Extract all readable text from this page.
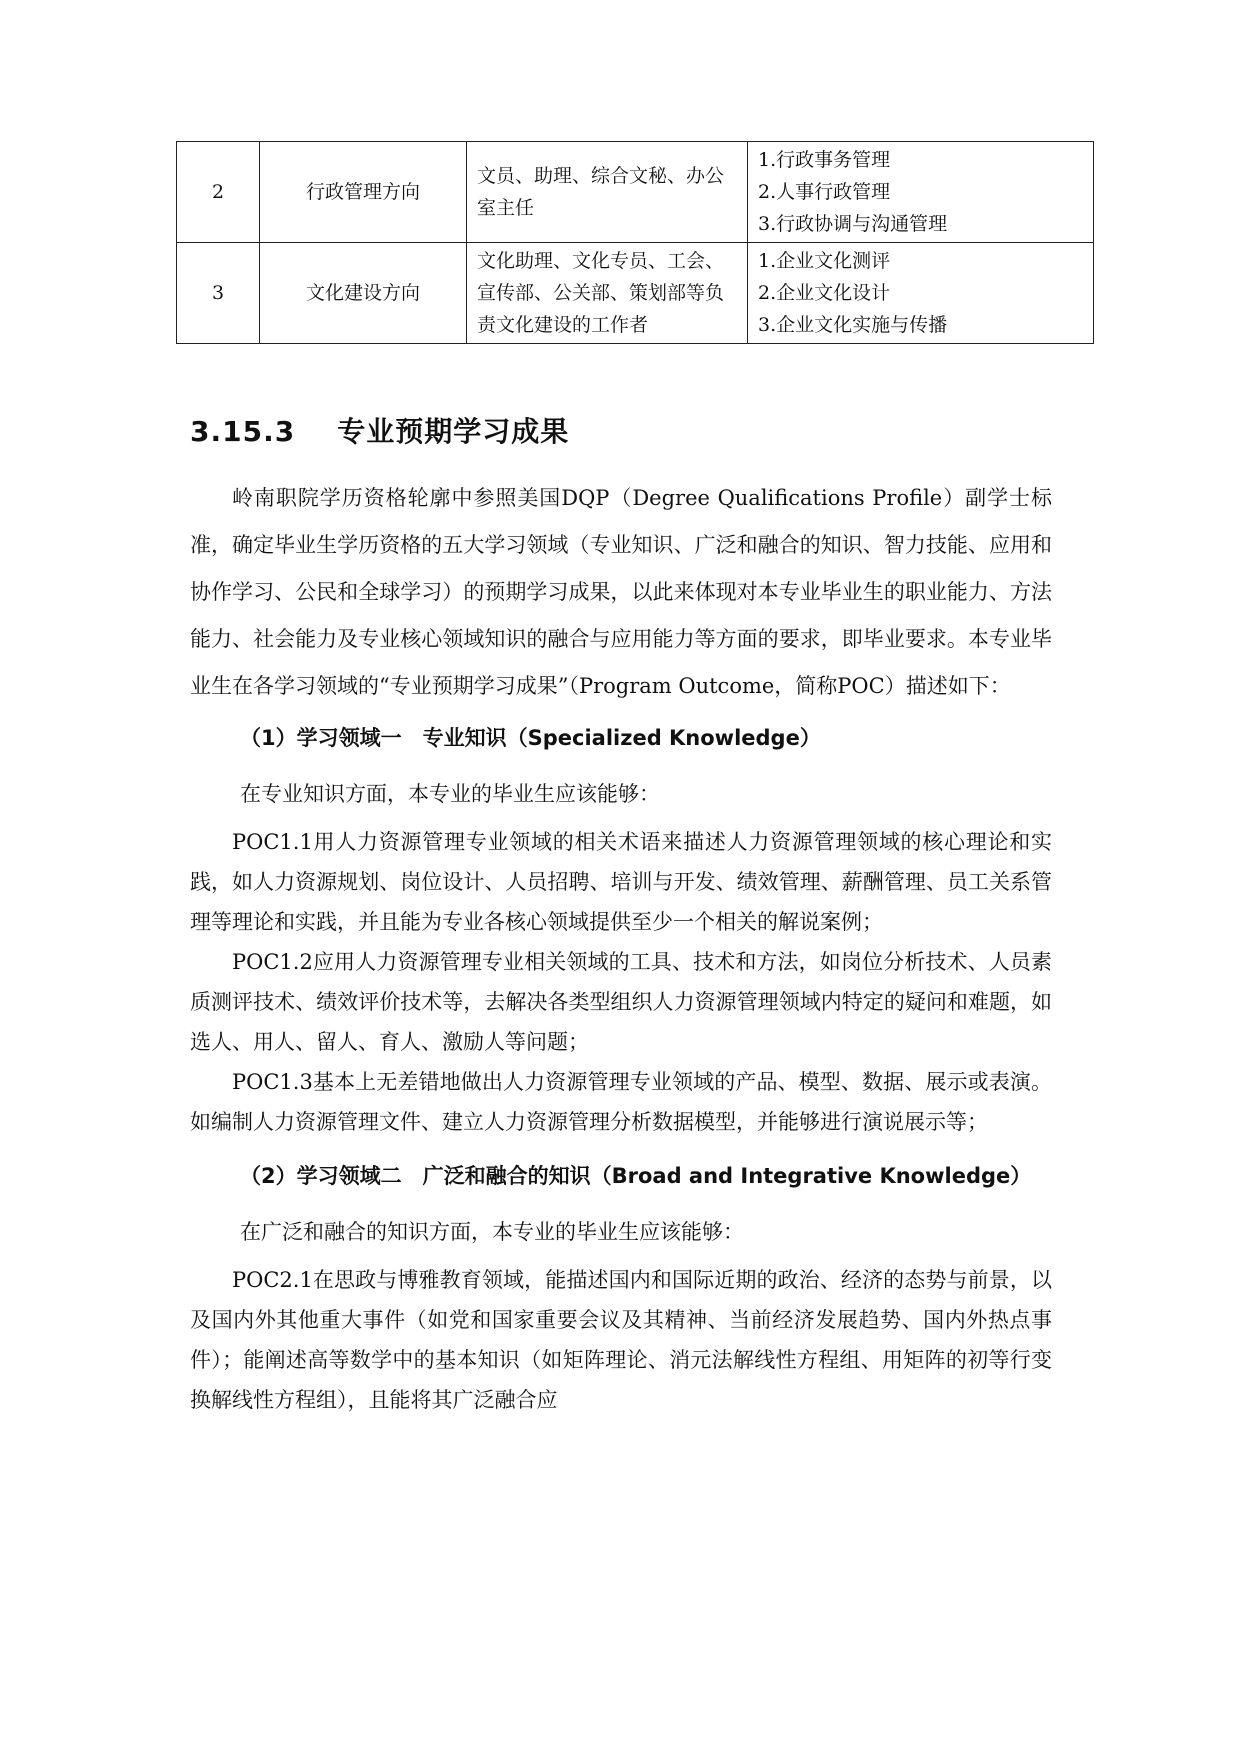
2	行政管理方向	文员、助理、综合文秘、办公室主任	1.行政事务管理
2.人事行政管理
3.行政协调与沟通管理

3	文化建设方向	文化助理、文化专员、工会、宣传部、公关部、策划部等负责文化建设的工作者	1.企业文化测评
2.企业文化设计
3.企业文化实施与传播
3.15.3 专业预期学习成果

岭南职院学历资格轮廓中参照美国DQP（Degree Qualifications Profile）副学士标准，确定毕业生学历资格的五大学习领域（专业知识、广泛和融合的知识、智力技能、应用和协作学习、公民和全球学习）的预期学习成果，以此来体现对本专业毕业生的职业能力、方法能力、社会能力及专业核心领域知识的融合与应用能力等方面的要求，即毕业要求。本专业毕业生在各学习领域的“专业预期学习成果”（Program Outcome，简称POC）描述如下：

（1）学习领域一　专业知识（Specialized Knowledge）

在专业知识方面，本专业的毕业生应该能够：

POC1.1用人力资源管理专业领域的相关术语来描述人力资源管理领域的核心理论和实践，如人力资源规划、岗位设计、人员招聘、培训与开发、绩效管理、薪酬管理、员工关系管理等理论和实践，并且能为专业各核心领域提供至少一个相关的解说案例；

POC1.2应用人力资源管理专业相关领域的工具、技术和方法，如岗位分析技术、人员素质测评技术、绩效评价技术等，去解决各类型组织人力资源管理领域内特定的疑问和难题，如选人、用人、留人、育人、激励人等问题；

POC1.3基本上无差错地做出人力资源管理专业领域的产品、模型、数据、展示或表演。如编制人力资源管理文件、建立人力资源管理分析数据模型，并能够进行演说展示等；

（2）学习领域二　广泛和融合的知识（Broad and Integrative Knowledge）

在广泛和融合的知识方面，本专业的毕业生应该能够：

POC2.1在思政与博雅教育领域，能描述国内和国际近期的政治、经济的态势与前景，以及国内外其他重大事件（如党和国家重要会议及其精神、当前经济发展趋势、国内外热点事件）；能阐述高等数学中的基本知识（如矩阵理论、消元法解线性方程组、用矩阵的初等行变换解线性方程组），且能将其广泛融合应
